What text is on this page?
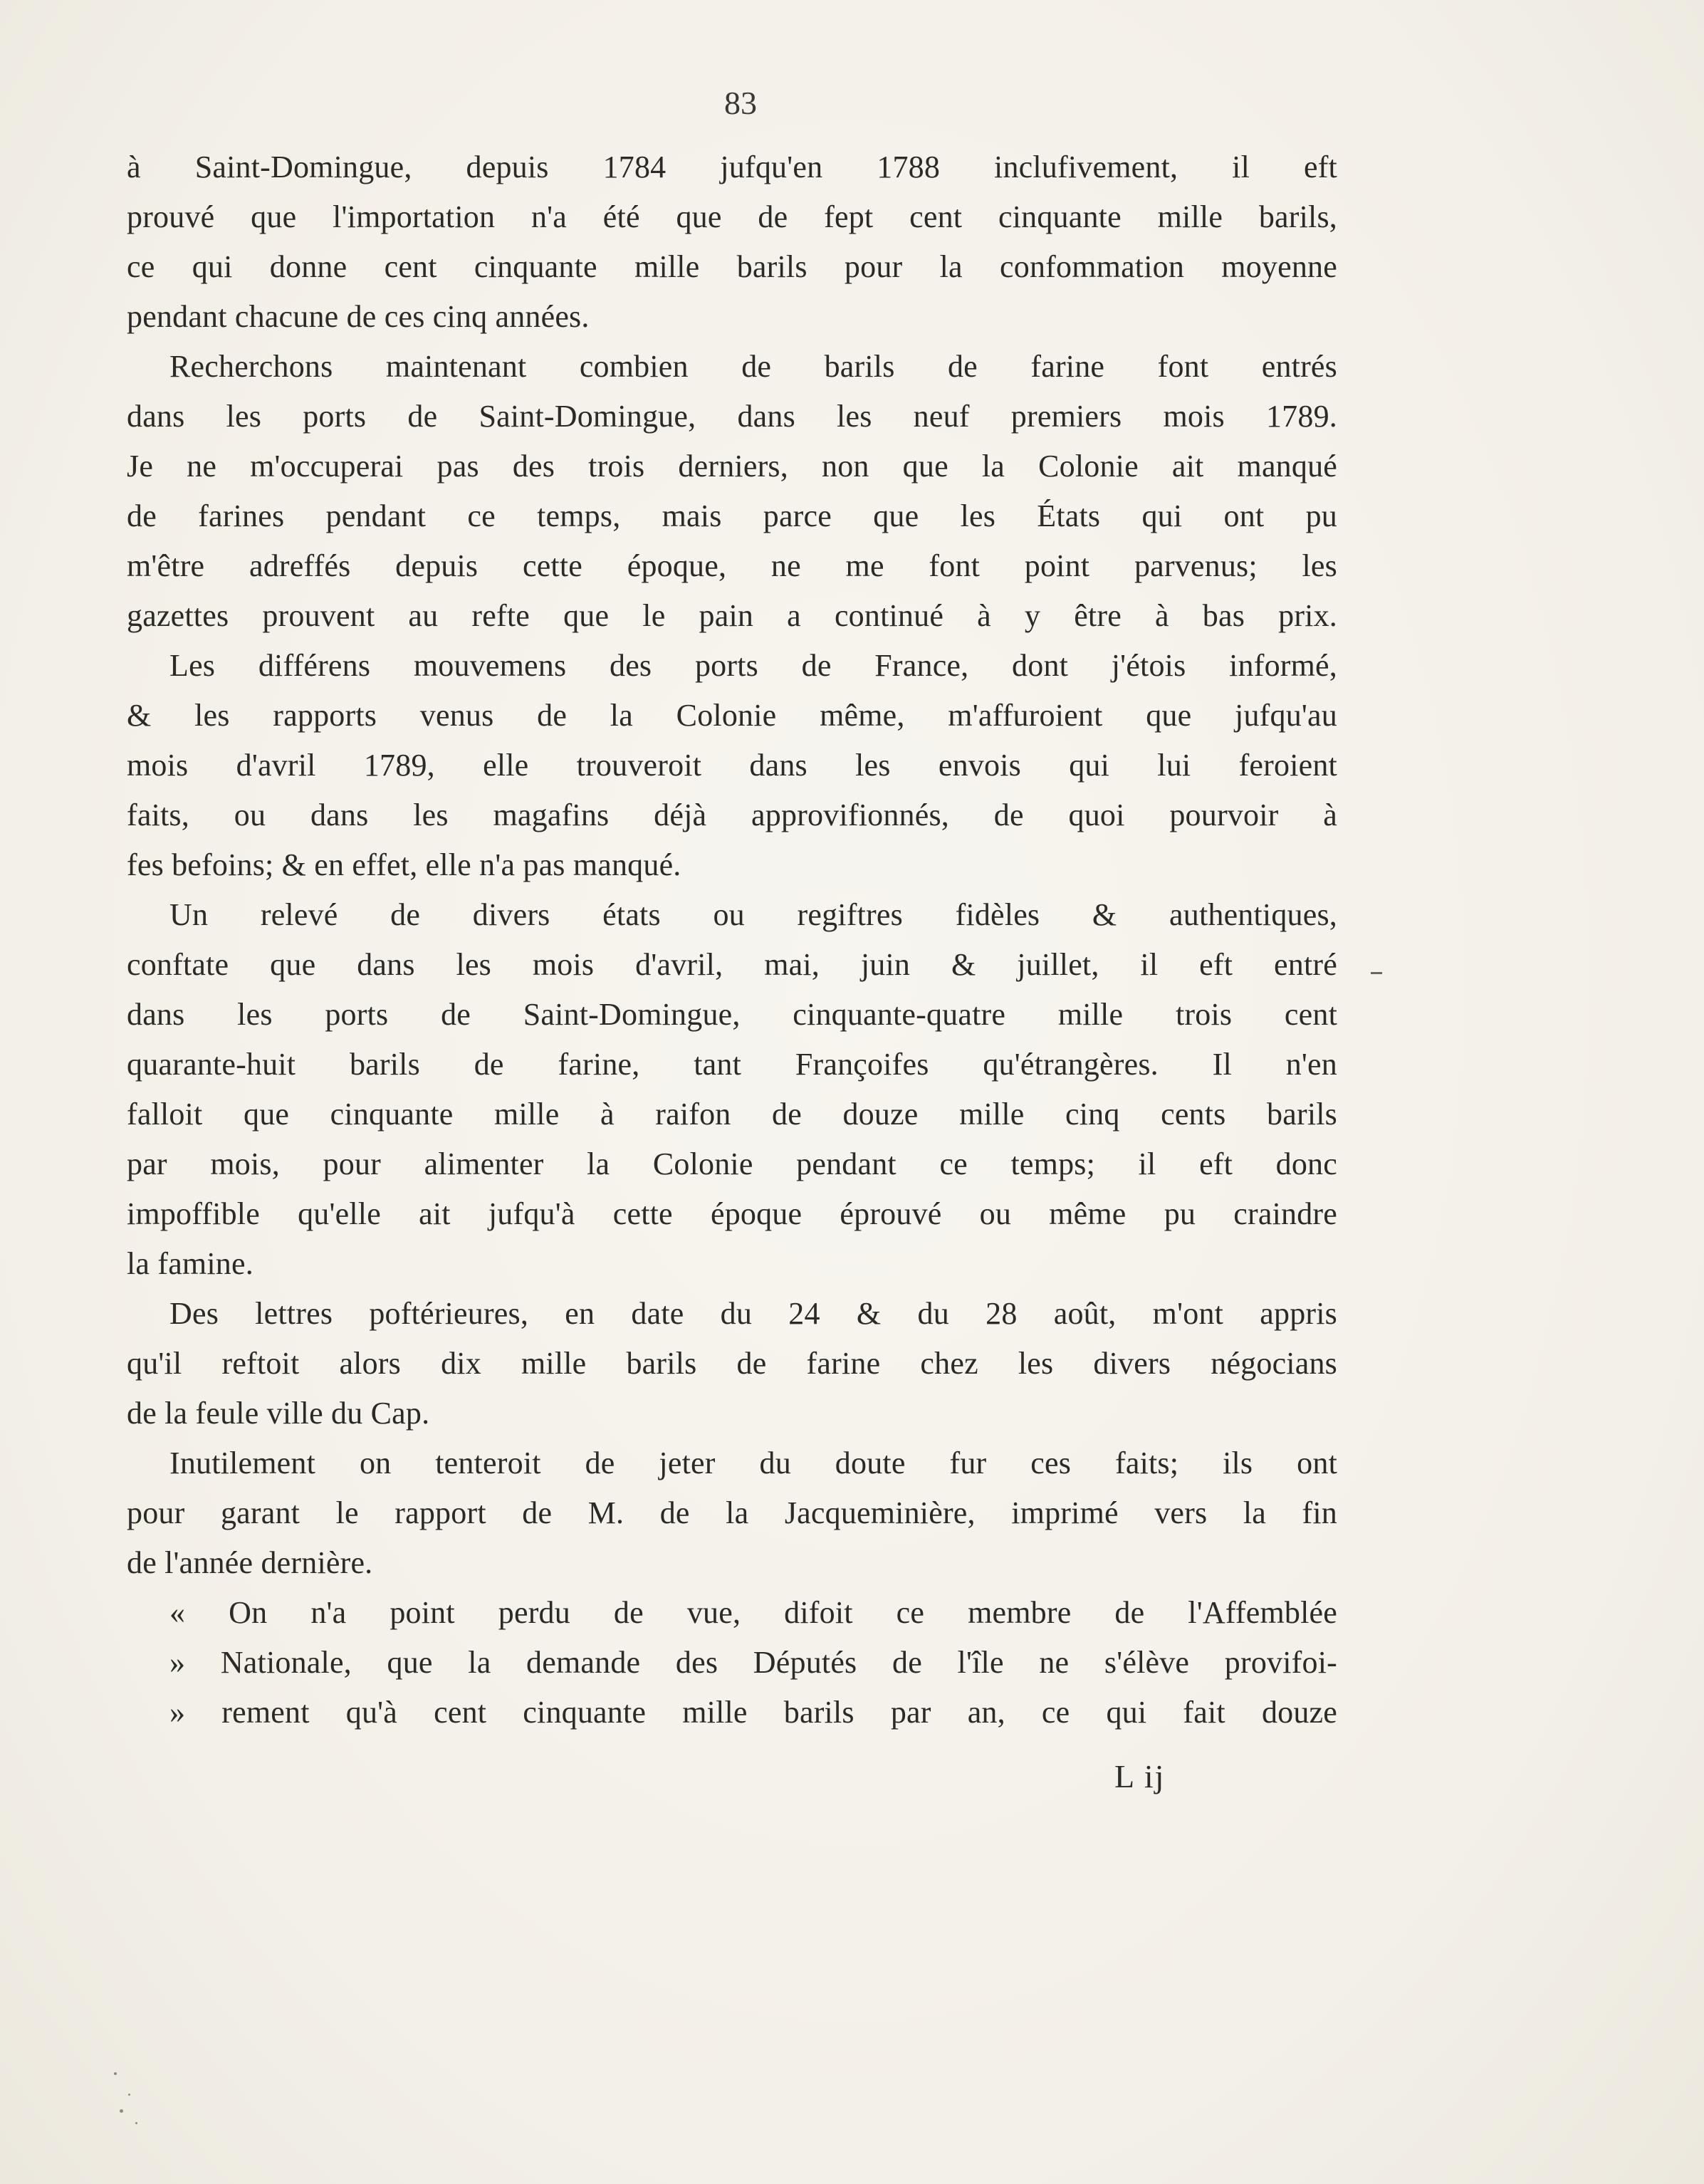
83
à Saint-Domingue, depuis 1784 jufqu'en 1788 inclufivement, il eft
prouvé que l'importation n'a été que de fept cent cinquante mille barils,
ce qui donne cent cinquante mille barils pour la confommation moyenne
pendant chacune de ces cinq années.
Recherchons maintenant combien de barils de farine font entrés
dans les ports de Saint-Domingue, dans les neuf premiers mois 1789.
Je ne m'occuperai pas des trois derniers, non que la Colonie ait manqué
de farines pendant ce temps, mais parce que les États qui ont pu
m'être adreffés depuis cette époque, ne me font point parvenus; les
gazettes prouvent au refte que le pain a continué à y être à bas prix.
Les différens mouvemens des ports de France, dont j'étois informé,
& les rapports venus de la Colonie même, m'affuroient que jufqu'au
mois d'avril 1789, elle trouveroit dans les envois qui lui feroient
faits, ou dans les magafins déjà approvifionnés, de quoi pourvoir à
fes befoins; & en effet, elle n'a pas manqué.
Un relevé de divers états ou regiftres fidèles & authentiques,
conftate que dans les mois d'avril, mai, juin & juillet, il eft entré
dans les ports de Saint-Domingue, cinquante-quatre mille trois cent
quarante-huit barils de farine, tant Françoifes qu'étrangères. Il n'en
falloit que cinquante mille à raifon de douze mille cinq cents barils
par mois, pour alimenter la Colonie pendant ce temps; il eft donc
impoffible qu'elle ait jufqu'à cette époque éprouvé ou même pu craindre
la famine.
Des lettres poftérieures, en date du 24 & du 28 août, m'ont appris
qu'il reftoit alors dix mille barils de farine chez les divers négocians
de la feule ville du Cap.
Inutilement on tenteroit de jeter du doute fur ces faits; ils ont
pour garant le rapport de M. de la Jacqueminière, imprimé vers la fin
de l'année dernière.
« On n'a point perdu de vue, difoit ce membre de l'Affemblée
» Nationale, que la demande des Députés de l'île ne s'élève provifoi-
» rement qu'à cent cinquante mille barils par an, ce qui fait douze
L ij
